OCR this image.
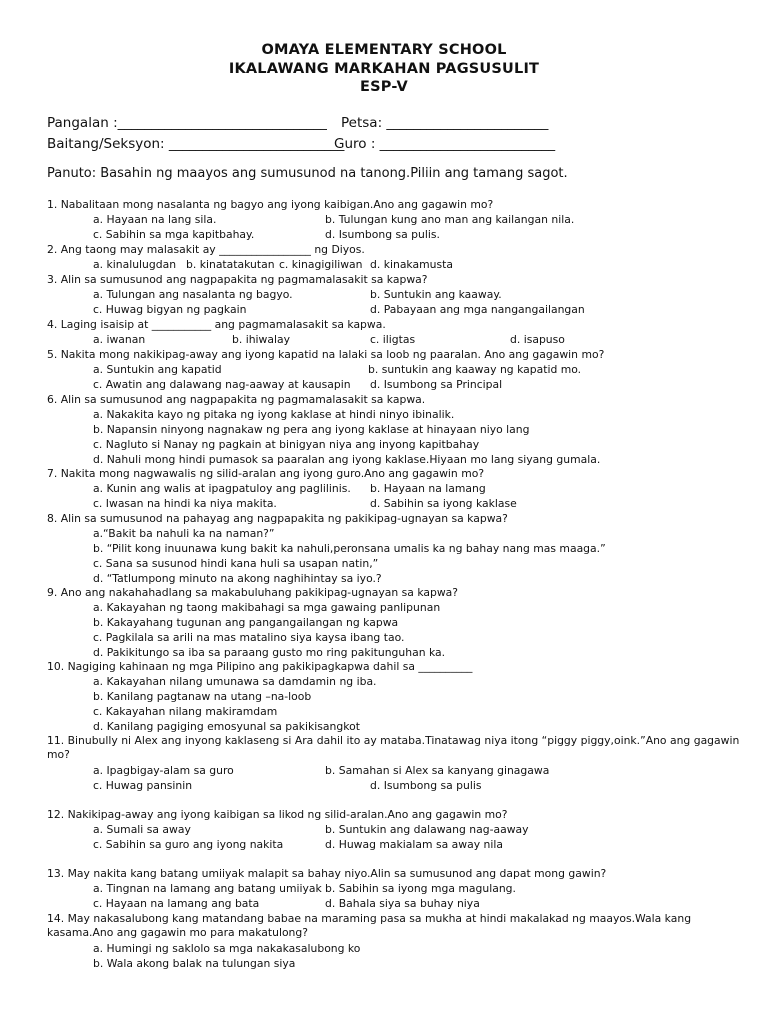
OMAYA ELEMENTARY SCHOOL
IKALAWANG MARKAHAN PAGSUSULIT
ESP-V
Pangalan :_______________________________ Petsa: ________________________
Baitang/Seksyon: __________________________
Guro : __________________________
Panuto: Basahin ng maayos ang sumusunod na tanong.Piliin ang tamang sagot.
1. Nabalitaan mong nasalanta ng bagyo ang iyong kaibigan.Ano ang gagawin mo?
a. Hayaan na lang sila.	b. Tulungan kung ano man ang kailangan nila.
c. Sabihin sa mga kapitbahay.	d. Isumbong sa pulis.
2. Ang taong may malasakit ay _________________ ng Diyos.
a. kinalulugdan b. kinatatakutan c. kinagigiliwan d. kinakamusta
3. Alin sa sumusunod ang nagpapakita ng pagmamalasakit sa kapwa?
a. Tulungan ang nasalanta ng bagyo.	b. Suntukin ang kaaway.
c. Huwag bigyan ng pagkain	d. Pabayaan ang mga nangangailangan
4. Laging isaisip at ___________ ang pagmamalasakit sa kapwa.
a. iwanan	b. ihiwalay	c. iligtas	d. isapuso
5. Nakita mong nakikipag-away ang iyong kapatid na lalaki sa loob ng paaralan. Ano ang gagawin mo?
a. Suntukin ang kapatid	b. suntukin ang kaaway ng kapatid mo.
c. Awatin ang dalawang nag-aaway at kausapin d. Isumbong sa Principal
6. Alin sa sumusunod ang nagpapakita ng pagmamalasakit sa kapwa.
a. Nakakita kayo ng pitaka ng iyong kaklase at hindi ninyo ibinalik.
b. Napansin ninyong nagnakaw ng pera ang iyong kaklase at hinayaan niyo lang
c. Nagluto si Nanay ng pagkain at binigyan niya ang inyong kapitbahay
d. Nahuli mong hindi pumasok sa paaralan ang iyong kaklase.Hiyaan mo lang siyang gumala.
7. Nakita mong nagwawalis ng silid-aralan ang iyong guro.Ano ang gagawin mo?
a. Kunin ang walis at ipagpatuloy ang paglilinis. b. Hayaan na lamang
c. Iwasan na hindi ka niya makita.	d. Sabihin sa iyong kaklase
8. Alin sa sumusunod na pahayag ang nagpapakita ng pakikipag-ugnayan sa kapwa?
a.“Bakit ba nahuli ka na naman?”
b. “Pilit kong inuunawa kung bakit ka nahuli,peronsana umalis ka ng bahay nang mas maaga.”
c. Sana sa susunod hindi kana huli sa usapan natin,”
d. “Tatlumpong minuto na akong naghihintay sa iyo.?
9. Ano ang nakahahadlang sa makabuluhang pakikipag-ugnayan sa kapwa?
a. Kakayahan ng taong makibahagi sa mga gawaing panlipunan
b. Kakayahang tugunan ang pangangailangan ng kapwa
c. Pagkilala sa arili na mas matalino siya kaysa ibang tao.
d. Pakikitungo sa iba sa paraang gusto mo ring pakitunguhan ka.
10. Nagiging kahinaan ng mga Pilipino ang pakikipagkapwa dahil sa __________
a. Kakayahan nilang umunawa sa damdamin ng iba.
b. Kanilang pagtanaw na utang –na-loob
c. Kakayahan nilang makiramdam
d. Kanilang pagiging emosyunal sa pakikisangkot
11. Binubully ni Alex ang inyong kaklaseng si Ara dahil ito ay mataba.Tinatawag niya itong “piggy piggy,oink.”Ano ang gagawin mo?
a. Ipagbigay-alam sa guro	b. Samahan si Alex sa kanyang ginagawa
c. Huwag pansinin	d. Isumbong sa pulis
12. Nakikipag-away ang iyong kaibigan sa likod ng silid-aralan.Ano ang gagawin mo?
a. Sumali sa away	b. Suntukin ang dalawang nag-aaway
c. Sabihin sa guro ang iyong nakita	d. Huwag makialam sa away nila
13. May nakita kang batang umiiyak malapit sa bahay niyo.Alin sa sumusunod ang dapat mong gawin?
a. Tingnan na lamang ang batang umiiyak b. Sabihin sa iyong mga magulang.
c. Hayaan na lamang ang bata	d. Bahala siya sa buhay niya
14. May nakasalubong kang matandang babae na maraming pasa sa mukha at hindi makalakad ng maayos.Wala kang kasama.Ano ang gagawin mo para makatulong?
a. Humingi ng saklolo sa mga nakakasalubong ko
b. Wala akong balak na tulungan siya
